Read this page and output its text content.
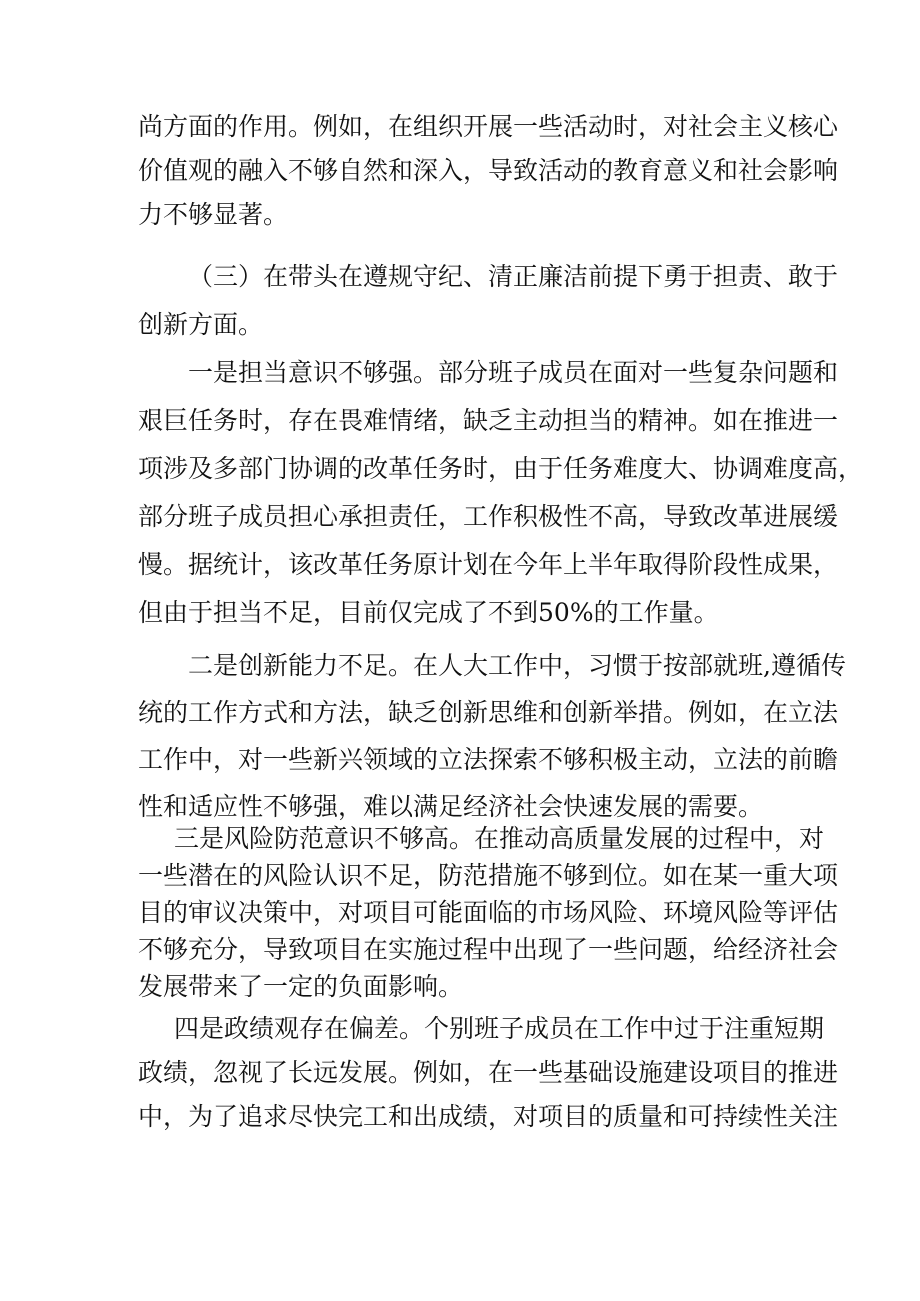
尚方面的作用。例如，在组织开展一些活动时，对社会主义核心
价值观的融入不够自然和深入，导致活动的教育意义和社会影响
力不够显著。
（三）在带头在遵规守纪、清正廉洁前提下勇于担责、敢于
创新方面。
一是担当意识不够强。部分班子成员在面对一些复杂问题和
艰巨任务时，存在畏难情绪，缺乏主动担当的精神。如在推进一
项涉及多部门协调的改革任务时，由于任务难度大、协调难度高，
部分班子成员担心承担责任，工作积极性不高，导致改革进展缓
慢。据统计，该改革任务原计划在今年上半年取得阶段性成果，
但由于担当不足，目前仅完成了不到50%的工作量。
二是创新能力不足。在人大工作中，习惯于按部就班,遵循传
统的工作方式和方法，缺乏创新思维和创新举措。例如，在立法
工作中，对一些新兴领域的立法探索不够积极主动，立法的前瞻
性和适应性不够强，难以满足经济社会快速发展的需要。
三是风险防范意识不够高。在推动高质量发展的过程中，对
一些潜在的风险认识不足，防范措施不够到位。如在某一重大项
目的审议决策中，对项目可能面临的市场风险、环境风险等评估
不够充分，导致项目在实施过程中出现了一些问题，给经济社会
发展带来了一定的负面影响。
四是政绩观存在偏差。个别班子成员在工作中过于注重短期
政绩，忽视了长远发展。例如，在一些基础设施建设项目的推进
中，为了追求尽快完工和出成绩，对项目的质量和可持续性关注
